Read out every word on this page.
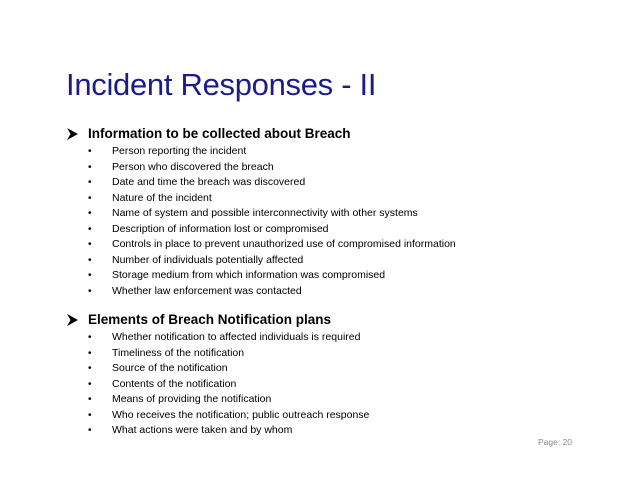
Incident Responses - II
Information to be collected about Breach
• Person reporting the incident
• Person who discovered the breach
• Date and time the breach was discovered
• Nature of the incident
• Name of system and possible interconnectivity with other systems
• Description of information lost or compromised
• Controls in place to prevent unauthorized use of compromised information
• Number of individuals potentially affected
• Storage medium from which information was compromised
• Whether law enforcement was contacted
Elements of Breach Notification plans
• Whether notification to affected individuals is required
• Timeliness of the notification
• Source of the notification
• Contents of the notification
• Means of providing the notification
• Who receives the notification; public outreach response
• What actions were taken and by whom
Page: 20
